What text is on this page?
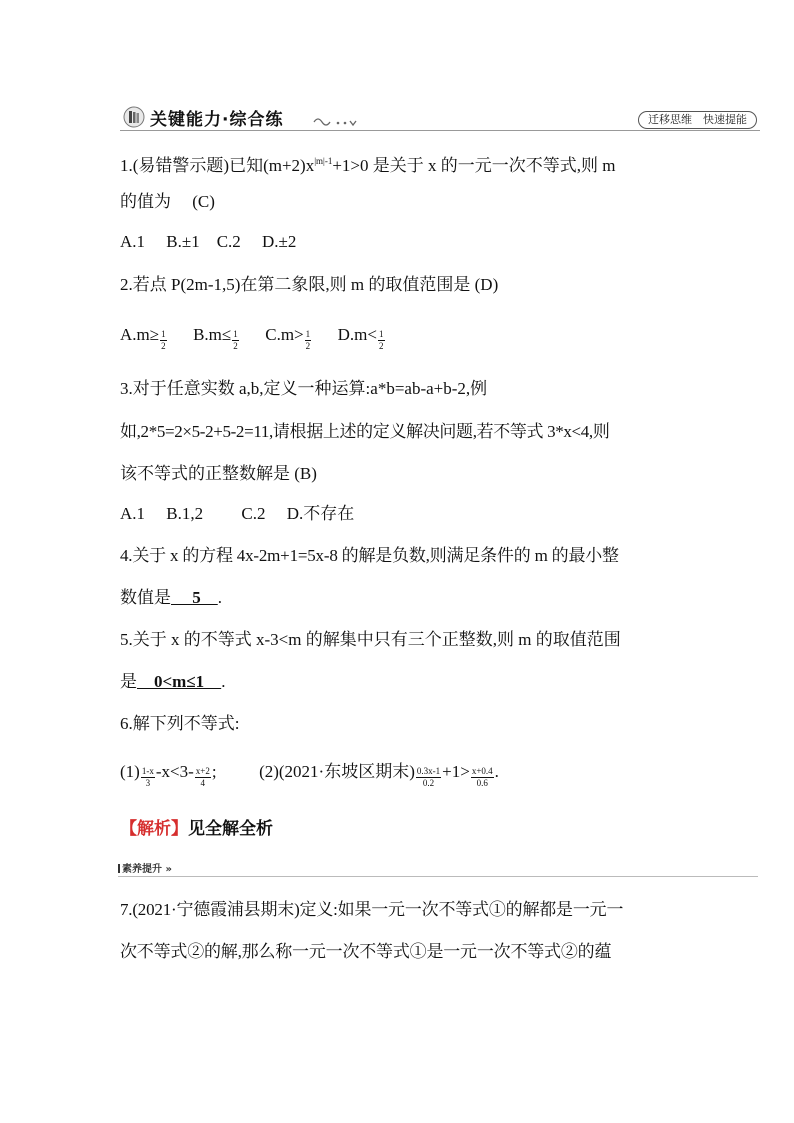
关键能力·综合练	迁移思维　快速提能
1.(易错警示题)已知$(m+2)x^{|m|-1}+1>0$ 是关于 x 的一元一次不等式,则 m
的值为　 (C)
A.1　 B.±1　C.2　 D.±2
2.若点 P(2m-1,5)在第二象限,则 m 的取值范围是 (D)
$A.m\ge \frac{1}{2} B.m\le \frac{1}{2} C.m> \frac{1}{2} D.m< \frac{1}{2}$
3.对于任意实数 a,b,定义一种运算:a*b=ab-a+b-2,例
如,2*5=2×5-2+5-2=11,请根据上述的定义解决问题,若不等式 3*x<4,则
该不等式的正整数解是 (B)
A.1　 B.1,2　　 C.2　 D.不存在
4.关于 x 的方程 4x-2m+1=5x-8 的解是负数,则满足条件的 m 的最小整
数值是　 5　.
5.关于 x 的不等式 x-3<m 的解集中只有三个正整数,则 m 的取值范围
是　0<m≤1　.
6.解下列不等式:
$(1) \frac{1-x}{3} -x<3- \frac{x+2}{4}$ ;	(2)(2021·东坡区期末) $\frac{0.3x-1}{0.2} +1> \frac{x+0.4}{0.6}$ .
【解析】见全解全析
素养提升 »
7.(2021·宁德霞浦县期末)定义:如果一元一次不等式①的解都是一元一
次不等式②的解,那么称一元一次不等式①是一元一次不等式②的蕴
